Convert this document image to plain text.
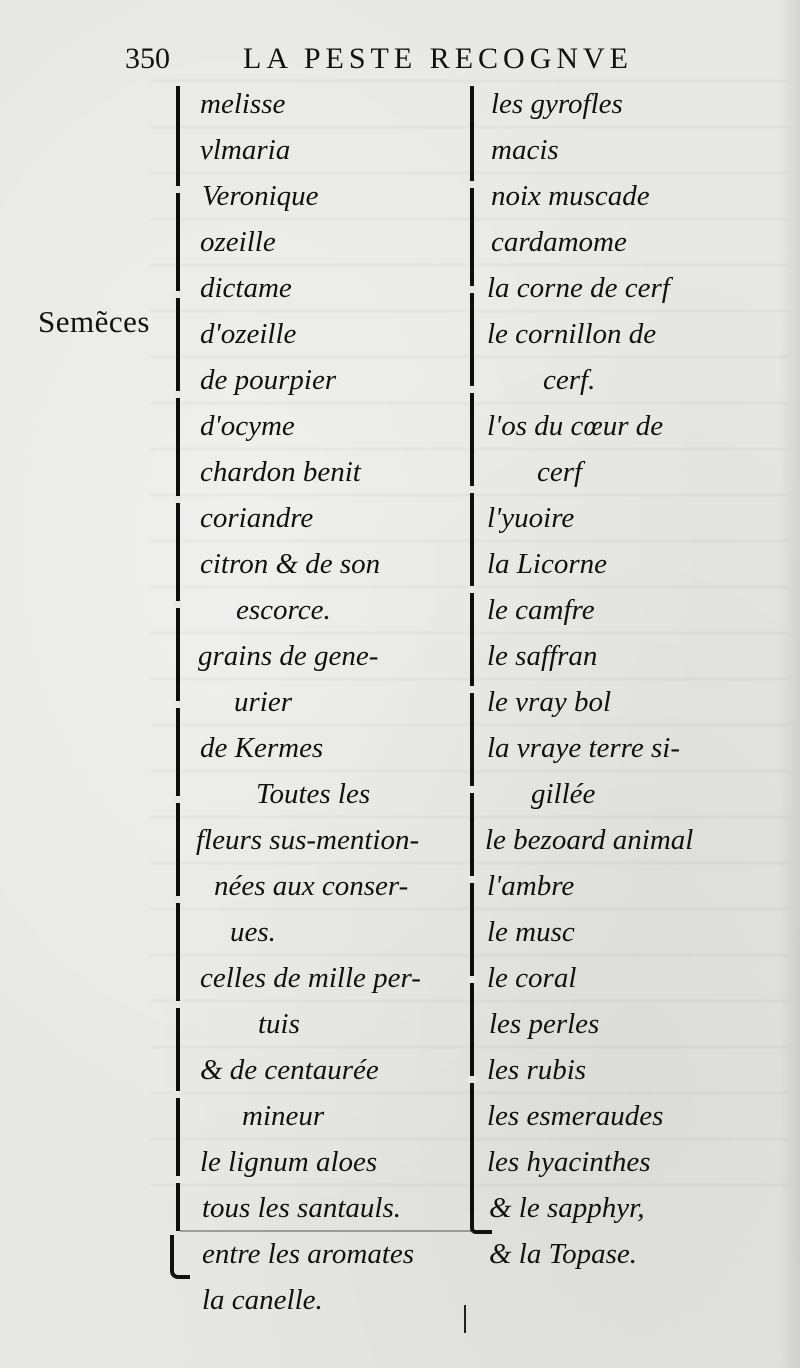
350 LA PESTE RECOGNVE
Semẽces
melisse
vlmaria
Veronique
ozeille
dictame
d'ozeille
de pourpier
d'ocyme
chardon benit
coriandre
citron & de son
escorce.
grains de gene-
urier
de Kermes
Toutes les
fleurs sus-mention-
nées aux conser-
ues.
celles de mille per-
tuis
& de centaurée
mineur
le lignum aloes
tous les santauls.
entre les aromates
la canelle.
les gyrofles
macis
noix muscade
cardamome
la corne de cerf
le cornillon de
cerf.
l'os du cœur de
cerf
l'yuoire
la Licorne
le camfre
le saffran
le vray bol
la vraye terre si-
gillée
le bezoard animal
l'ambre
le musc
le coral
les perles
les rubis
les esmeraudes
les hyacinthes
& le sapphyr,
& la Topase.
